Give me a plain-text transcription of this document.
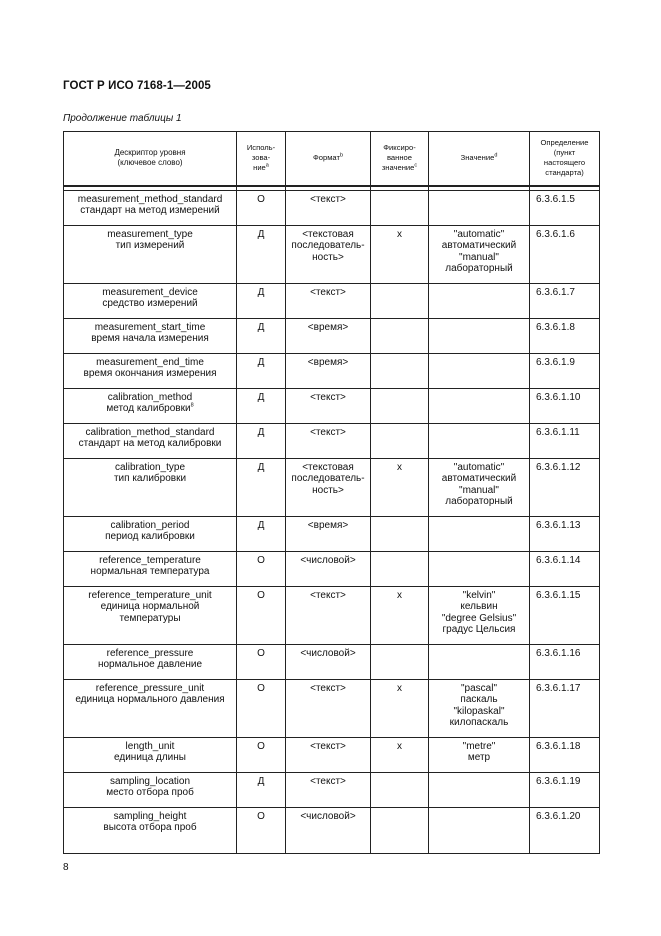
ГОСТ Р ИСО 7168-1—2005
Продолжение таблицы 1
Дескриптор уровня
(ключевое слово)	Исполь-
зова-
ние$^a$	Формат$^b$	Фиксиро-
ванное
значение$^c$	Значение$^d$	Определение
(пункт
настоящего
стандарта)

measurement_method_standard
стандарт на метод измерений	О	<текст>			6.3.6.1.5

measurement_type
тип измерений	Д	<текстовая
последователь-
ность>	х	"automatic"
автоматический
"manual"
лабораторный	6.3.6.1.6

measurement_device
средство измерений	Д	<текст>			6.3.6.1.7

measurement_start_time
время начала измерения	Д	<время>			6.3.6.1.8

measurement_end_time
время окончания измерения	Д	<время>			6.3.6.1.9

calibration_method
метод калибровки$^8$	Д	<текст>			6.3.6.1.10

calibration_method_standard
стандарт на метод калибровки	Д	<текст>			6.3.6.1.11

calibration_type
тип калибровки	Д	<текстовая
последователь-
ность>	х	"automatic"
автоматический
"manual"
лабораторный	6.3.6.1.12

calibration_period
период калибровки	Д	<время>			6.3.6.1.13

reference_temperature
нормальная температура	О	<числовой>			6.3.6.1.14

reference_temperature_unit
единица нормальной
температуры	О	<текст>	х	"kelvin"
кельвин
"degree Gelsius"
градус Цельсия	6.3.6.1.15

reference_pressure
нормальное давление	О	<числовой>			6.3.6.1.16

reference_pressure_unit
единица нормального давления	О	<текст>	х	"pascal"
паскаль
"kilopaskal"
килопаскаль	6.3.6.1.17

length_unit
единица длины	О	<текст>	х	"metre"
метр	6.3.6.1.18

sampling_location
место отбора проб	Д	<текст>			6.3.6.1.19

sampling_height
высота отбора проб	О	<числовой>			6.3.6.1.20
8
